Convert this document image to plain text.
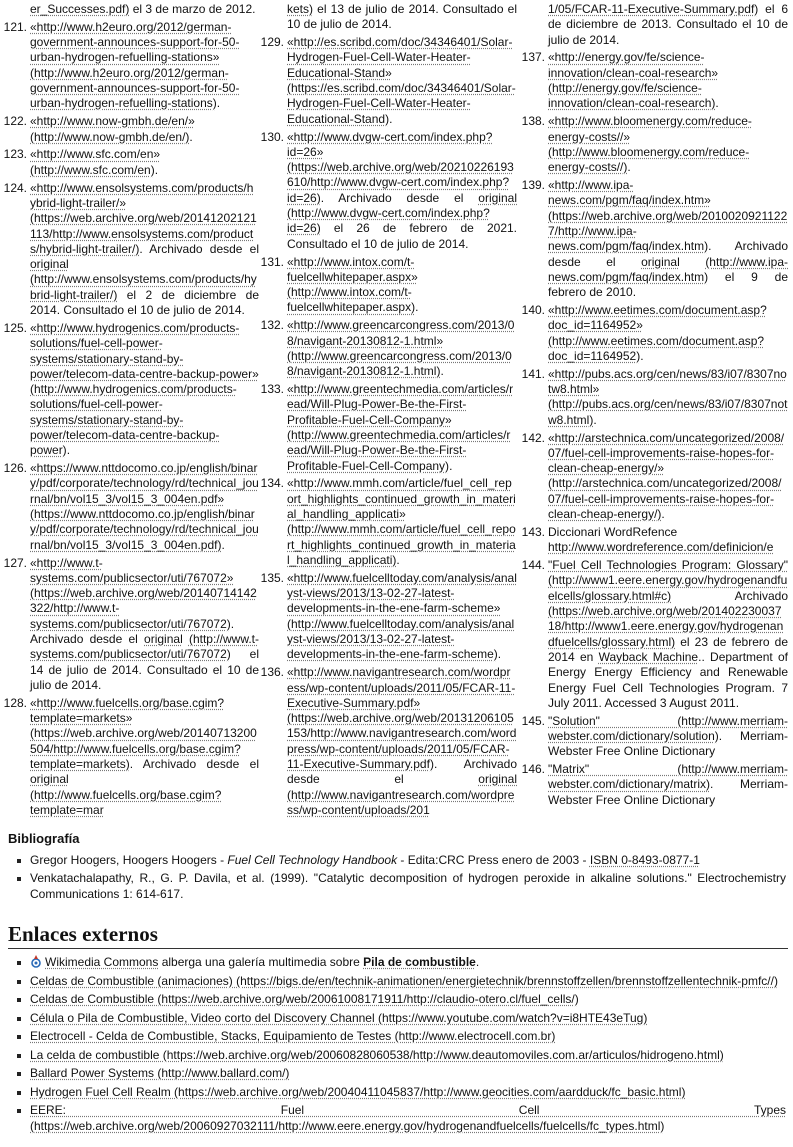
er_Successes.pdf) el 3 de marzo de 2012.
121. «http://www.h2euro.org/2012/german-government-announces-support-for-50-urban-hydrogen-refuelling-stations» (http://www.h2euro.org/2012/german-government-announces-support-for-50-urban-hydrogen-refuelling-stations).
122. «http://www.now-gmbh.de/en/» (http://www.now-gmbh.de/en/).
123. «http://www.sfc.com/en» (http://www.sfc.com/en).
124. «http://www.ensolsystems.com/products/hybrid-light-trailer/» (https://web.archive.org/web/20141202121113/http://www.ensolsystems.com/products/hybrid-light-trailer/). Archivado desde el original (http://www.ensolsystems.com/products/hybrid-light-trailer/) el 2 de diciembre de 2014. Consultado el 10 de julio de 2014.
125. «http://www.hydrogenics.com/products-solutions/fuel-cell-power-systems/stationary-stand-by-power/telecom-data-centre-backup-power» (http://www.hydrogenics.com/products-solutions/fuel-cell-power-systems/stationary-stand-by-power/telecom-data-centre-backup-power).
126. «https://www.nttdocomo.co.jp/english/binary/pdf/corporate/technology/rd/technical_journal/bn/vol15_3/vol15_3_004en.pdf» (https://www.nttdocomo.co.jp/english/binary/pdf/corporate/technology/rd/technical_journal/bn/vol15_3/vol15_3_004en.pdf).
127. «http://www.t-systems.com/publicsector/uti/767072» (https://web.archive.org/web/20140714142322/http://www.t-systems.com/publicsector/uti/767072). Archivado desde el original (http://www.t-systems.com/publicsector/uti/767072) el 14 de julio de 2014. Consultado el 10 de julio de 2014.
128. «http://www.fuelcells.org/base.cgim?template=markets» (https://web.archive.org/web/20140713200504/http://www.fuelcells.org/base.cgim?template=markets). Archivado desde el original (http://www.fuelcells.org/base.cgim?template=mar
kets) el 13 de julio de 2014. Consultado el 10 de julio de 2014.
129. «http://es.scribd.com/doc/34346401/Solar-Hydrogen-Fuel-Cell-Water-Heater-Educational-Stand» (https://es.scribd.com/doc/34346401/Solar-Hydrogen-Fuel-Cell-Water-Heater-Educational-Stand).
130. «http://www.dvgw-cert.com/index.php?id=26» (https://web.archive.org/web/20210226193610/http://www.dvgw-cert.com/index.php?id=26). Archivado desde el original (http://www.dvgw-cert.com/index.php?id=26) el 26 de febrero de 2021. Consultado el 10 de julio de 2014.
131. «http://www.intox.com/t-fuelcellwhitepaper.aspx» (http://www.intox.com/t-fuelcellwhitepaper.aspx).
132. «http://www.greencarcongress.com/2013/08/navigant-20130812-1.html» (http://www.greencarcongress.com/2013/08/navigant-20130812-1.html).
133. «http://www.greentechmedia.com/articles/read/Will-Plug-Power-Be-the-First-Profitable-Fuel-Cell-Company» (http://www.greentechmedia.com/articles/read/Will-Plug-Power-Be-the-First-Profitable-Fuel-Cell-Company).
134. «http://www.mmh.com/article/fuel_cell_report_highlights_continued_growth_in_material_handling_applicati» (http://www.mmh.com/article/fuel_cell_report_highlights_continued_growth_in_material_handling_applicati).
135. «http://www.fuelcelltoday.com/analysis/analyst-views/2013/13-02-27-latest-developments-in-the-ene-farm-scheme» (http://www.fuelcelltoday.com/analysis/analyst-views/2013/13-02-27-latest-developments-in-the-ene-farm-scheme).
136. «http://www.navigantresearch.com/wordpress/wp-content/uploads/2011/05/FCAR-11-Executive-Summary.pdf» (https://web.archive.org/web/20131206105153/http://www.navigantresearch.com/wordpress/wp-content/uploads/2011/05/FCAR-11-Executive-Summary.pdf). Archivado desde el original (http://www.navigantresearch.com/wordpress/wp-content/uploads/201
1/05/FCAR-11-Executive-Summary.pdf) el 6 de diciembre de 2013. Consultado el 10 de julio de 2014.
137. «http://energy.gov/fe/science-innovation/clean-coal-research» (http://energy.gov/fe/science-innovation/clean-coal-research).
138. «http://www.bloomenergy.com/reduce-energy-costs//» (http://www.bloomenergy.com/reduce-energy-costs//).
139. «http://www.ipa-news.com/pgm/faq/index.htm» (https://web.archive.org/web/20100209211227/http://www.ipa-news.com/pgm/faq/index.htm). Archivado desde el original (http://www.ipa-news.com/pgm/faq/index.htm) el 9 de febrero de 2010.
140. «http://www.eetimes.com/document.asp?doc_id=1164952» (http://www.eetimes.com/document.asp?doc_id=1164952).
141. «http://pubs.acs.org/cen/news/83/i07/8307notw8.html» (http://pubs.acs.org/cen/news/83/i07/8307notw8.html).
142. «http://arstechnica.com/uncategorized/2008/07/fuel-cell-improvements-raise-hopes-for-clean-cheap-energy/» (http://arstechnica.com/uncategorized/2008/07/fuel-cell-improvements-raise-hopes-for-clean-cheap-energy/).
143. Diccionari WordRefence
http://www.wordreference.com/definicion/e
144. "Fuel Cell Technologies Program: Glossary" (http://www1.eere.energy.gov/hydrogenandfuelcells/glossary.html#c) Archivado (https://web.archive.org/web/20140223003718/http://www1.eere.energy.gov/hydrogenandfuelcells/glossary.html) el 23 de febrero de 2014 en Wayback Machine.. Department of Energy Energy Efficiency and Renewable Energy Fuel Cell Technologies Program. 7 July 2011. Accessed 3 August 2011.
145. "Solution" (http://www.merriam-webster.com/dictionary/solution). Merriam-Webster Free Online Dictionary
146. "Matrix" (http://www.merriam-webster.com/dictionary/matrix). Merriam-Webster Free Online Dictionary
Bibliografía
Gregor Hoogers, Hoogers Hoogers - Fuel Cell Technology Handbook - Edita:CRC Press enero de 2003 - ISBN 0-8493-0877-1
Venkatachalapathy, R., G. P. Davila, et al. (1999). "Catalytic decomposition of hydrogen peroxide in alkaline solutions." Electrochemistry Communications 1: 614-617.
Enlaces externos
Wikimedia Commons alberga una galería multimedia sobre Pila de combustible.
Celdas de Combustible (animaciones) (https://bigs.de/en/technik-animationen/energietechnik/brennstoffzellen/brennstoffzellentechnik-pmfc//)
Celdas de Combustible (https://web.archive.org/web/20061008171911/http://claudio-otero.cl/fuel_cells/)
Célula o Pila de Combustible, Video corto del Discovery Channel (https://www.youtube.com/watch?v=i8HTE43eTug)
Electrocell - Celda de Combustible, Stacks, Equipamiento de Testes (http://www.electrocell.com.br)
La celda de combustible (https://web.archive.org/web/20060828060538/http://www.deautomoviles.com.ar/articulos/hidrogeno.html)
Ballard Power Systems (http://www.ballard.com/)
Hydrogen Fuel Cell Realm (https://web.archive.org/web/20040411045837/http://www.geocities.com/aardduck/fc_basic.html)
EERE: Fuel Cell Types (https://web.archive.org/web/20060927032111/http://www.eere.energy.gov/hydrogenandfuelcells/fuelcells/fc_types.html)
